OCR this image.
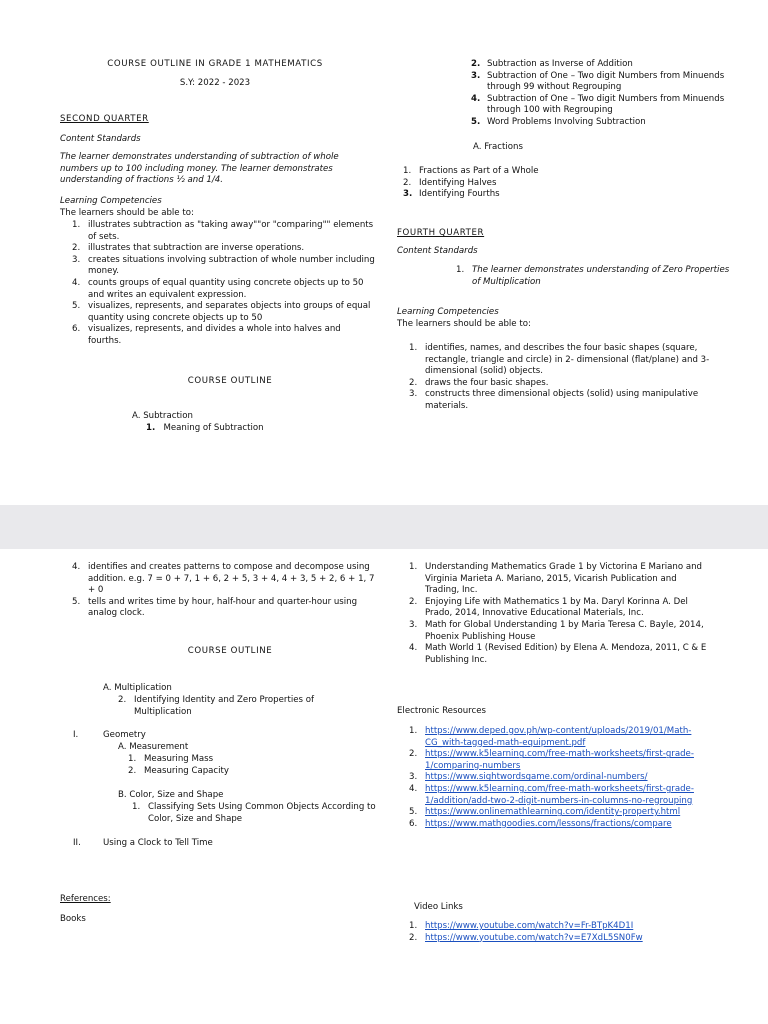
COURSE OUTLINE IN GRADE 1 MATHEMATICS
S.Y: 2022 - 2023
SECOND QUARTER
Content Standards
The learner demonstrates understanding of subtraction of whole numbers up to 100 including money. The learner demonstrates understanding of fractions ½ and 1/4.
Learning Competencies
The learners should be able to:
1. illustrates subtraction as "taking away""or "comparing"" elements of sets.
2. illustrates that subtraction are inverse operations.
3. creates situations involving subtraction of whole number including money.
4. counts groups of equal quantity using concrete objects up to 50 and writes an equivalent expression.
5. visualizes, represents, and separates objects into groups of equal quantity using concrete objects up to 50
6. visualizes, represents, and divides a whole into halves and fourths.
COURSE OUTLINE
A. Subtraction
1. Meaning of Subtraction
2. Subtraction as Inverse of Addition
3. Subtraction of One – Two digit Numbers from Minuends through 99 without Regrouping
4. Subtraction of One – Two digit Numbers from Minuends through 100 with Regrouping
5. Word Problems Involving Subtraction
A. Fractions
1. Fractions as Part of a Whole
2. Identifying Halves
3. Identifying Fourths
FOURTH QUARTER
Content Standards
1. The learner demonstrates understanding of Zero Properties of Multiplication
Learning Competencies
The learners should be able to:
1. identifies, names, and describes the four basic shapes (square, rectangle, triangle and circle) in 2- dimensional (flat/plane) and 3-dimensional (solid) objects.
2. draws the four basic shapes.
3. constructs three dimensional objects (solid) using manipulative materials.
4. identifies and creates patterns to compose and decompose using addition. e.g. 7 = 0 + 7, 1 + 6, 2 + 5, 3 + 4, 4 + 3, 5 + 2, 6 + 1, 7 + 0
5. tells and writes time by hour, half-hour and quarter-hour using analog clock.
COURSE OUTLINE
A. Multiplication
2. Identifying Identity and Zero Properties of Multiplication
I.	Geometry
A. Measurement
1. Measuring Mass
2. Measuring Capacity
B. Color, Size and Shape
1. Classifying Sets Using Common Objects According to Color, Size and Shape
II.	Using a Clock to Tell Time
References:
Books
1. Understanding Mathematics Grade 1 by Victorina E Mariano and Virginia Marieta A. Mariano, 2015, Vicarish Publication and Trading, Inc.
2. Enjoying Life with Mathematics 1 by Ma. Daryl Korinna A. Del Prado, 2014, Innovative Educational Materials, Inc.
3. Math for Global Understanding 1 by Maria Teresa C. Bayle, 2014, Phoenix Publishing House
4. Math World 1 (Revised Edition) by Elena A. Mendoza, 2011, C & E Publishing Inc.
Electronic Resources
1. https://www.deped.gov.ph/wp-content/uploads/2019/01/Math-CG_with-tagged-math-equipment.pdf
2. https://www.k5learning.com/free-math-worksheets/first-grade-1/comparing-numbers
3. https://www.sightwordsgame.com/ordinal-numbers/
4. https://www.k5learning.com/free-math-worksheets/first-grade-1/addition/add-two-2-digit-numbers-in-columns-no-regrouping
5. https://www.onlinemathlearning.com/identity-property.html
6. https://www.mathgoodies.com/lessons/fractions/compare
Video Links
1. https://www.youtube.com/watch?v=Fr-BTpK4D1I
2. https://www.youtube.com/watch?v=E7XdL5SN0Fw
